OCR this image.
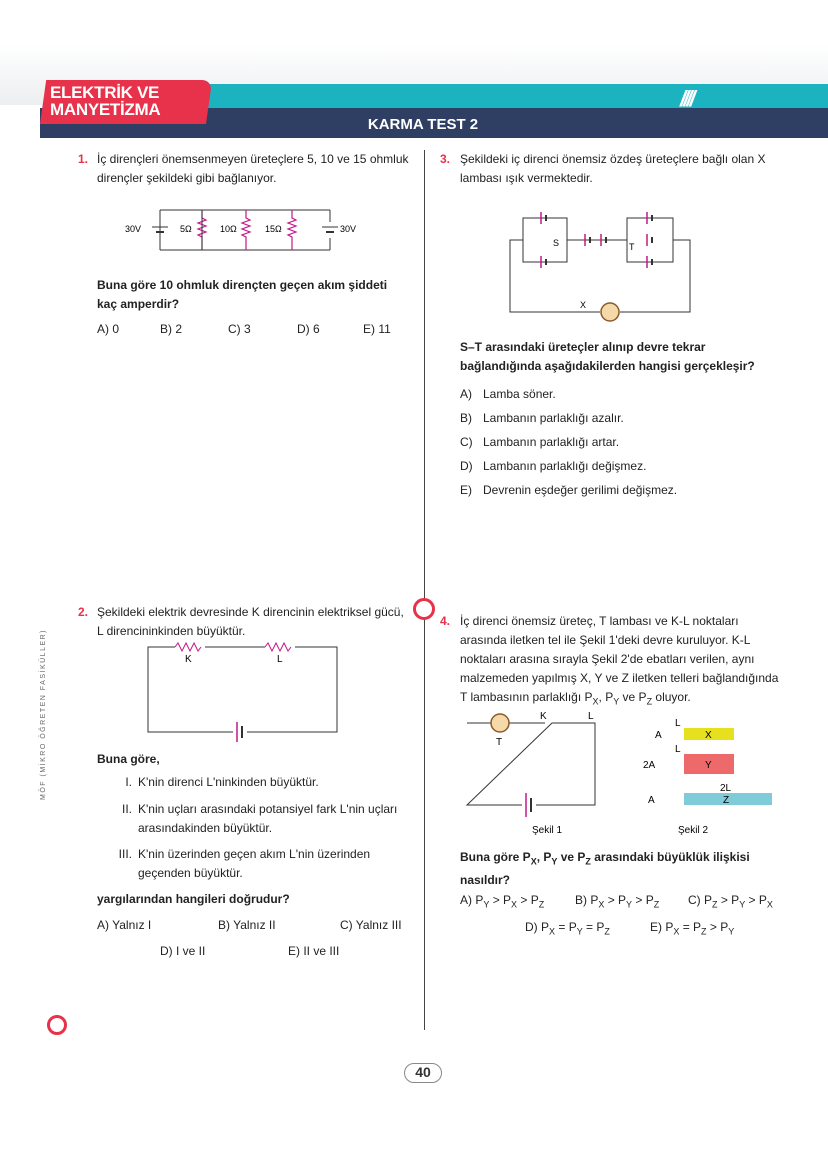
////
ELEKTRİK VE
MANYETİZMA
KARMA TEST 2
MÖF (MİKRO ÖĞRETEN FASİKÜLLER)
1. İç dirençleri önemsenmeyen üreteçlere 5, 10 ve 15 ohmluk dirençler şekildeki gibi bağlanıyor.
30V	30V
5Ω	10Ω	15Ω
Buna göre 10 ohmluk dirençten geçen akım şiddeti kaç amperdir?
A) 0	B) 2	C) 3	D) 6	E) 11
2. Şekildeki elektrik devresinde K direncinin elektriksel gücü, L direncininkinden büyüktür.
K	L
Buna göre,
I. K'nin direnci L'ninkinden büyüktür.
II. K'nin uçları arasındaki potansiyel fark L'nin uçları arasındakinden büyüktür.
III. K'nin üzerinden geçen akım L'nin üzerinden geçenden büyüktür.
yargılarından hangileri doğrudur?
A) Yalnız I	B) Yalnız II	C) Yalnız III
D) I ve II	E) II ve III
3. Şekildeki iç direnci önemsiz özdeş üreteçlere bağlı olan X lambası ışık vermektedir.
S	T
X
S–T arasındaki üreteçler alınıp devre tekrar bağlandığında aşağıdakilerden hangisi gerçekleşir?
A) Lamba söner.
B) Lambanın parlaklığı azalır.
C) Lambanın parlaklığı artar.
D) Lambanın parlaklığı değişmez.
E) Devrenin eşdeğer gerilimi değişmez.
4. İç direnci önemsiz üreteç, T lambası ve K-L noktaları arasında iletken tel ile Şekil 1'deki devre kuruluyor. K-L noktaları arasına sırayla Şekil 2'de ebatları verilen, aynı malzemeden yapılmış X, Y ve Z iletken telleri bağlandığında T lambasının parlaklığı $P_X$, $P_Y$ ve $P_Z$ oluyor.
K	L
T
Şekil 1
L
A	X
L
2A	Y
2L
A	Z
Şekil 2
Buna göre $P_X$, $P_Y$ ve $P_Z$ arasındaki büyüklük ilişkisi nasıldır?
A) $P_Y > P_X > P_Z$	B) $P_X > P_Y > P_Z$ C) $P_Z > P_Y > P_X$
D) $P_X = P_Y = P_Z$	E) $P_X = P_Z > P_Y$
40
